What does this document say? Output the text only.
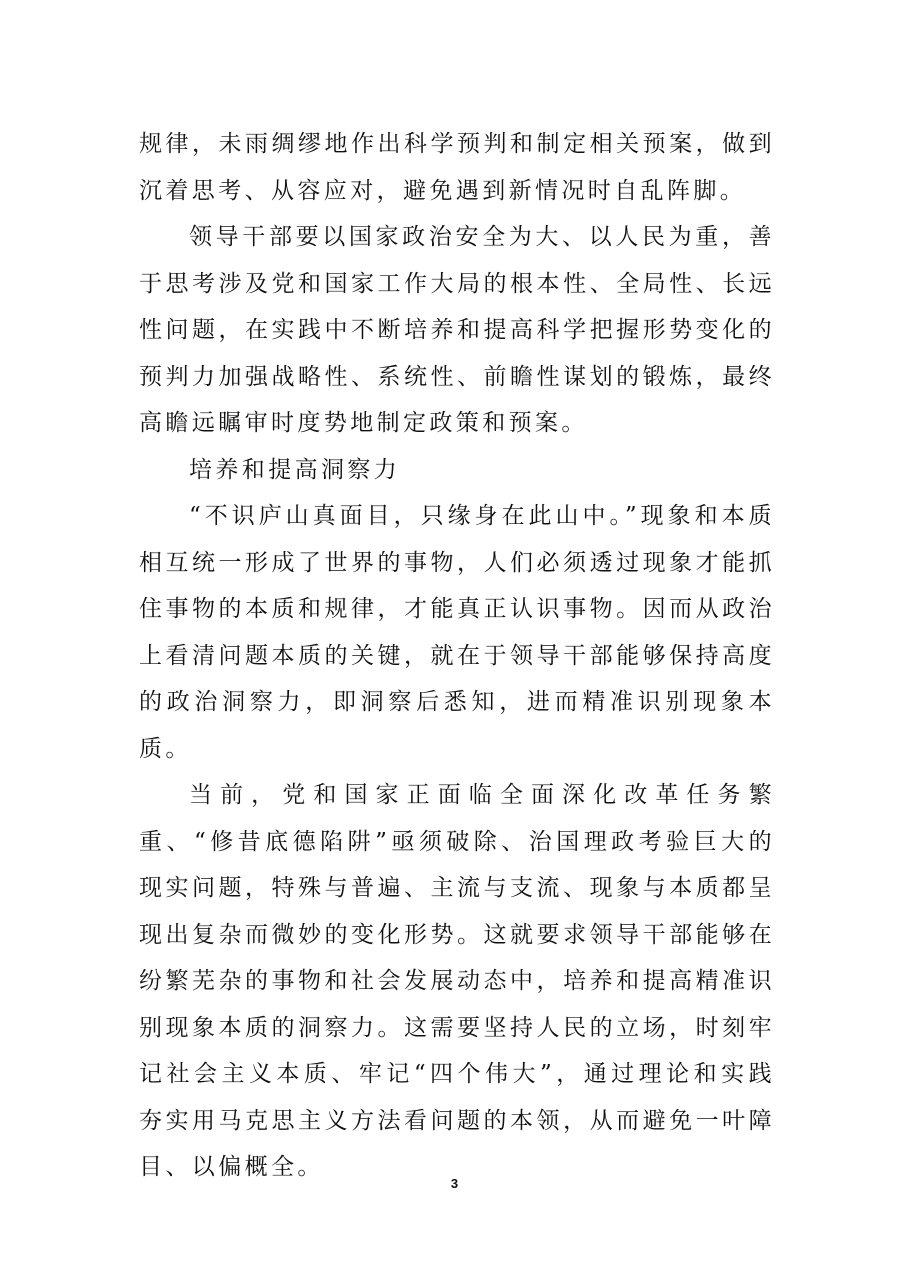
规律，未雨绸缪地作出科学预判和制定相关预案，做到沉着思考、从容应对，避免遇到新情况时自乱阵脚。

领导干部要以国家政治安全为大、以人民为重，善于思考涉及党和国家工作大局的根本性、全局性、长远性问题，在实践中不断培养和提高科学把握形势变化的预判力加强战略性、系统性、前瞻性谋划的锻炼，最终高瞻远瞩审时度势地制定政策和预案。

培养和提高洞察力

“不识庐山真面目，只缘身在此山中。”现象和本质相互统一形成了世界的事物，人们必须透过现象才能抓住事物的本质和规律，才能真正认识事物。因而从政治上看清问题本质的关键，就在于领导干部能够保持高度的政治洞察力，即洞察后悉知，进而精准识别现象本质。

当前，党和国家正面临全面深化改革任务繁重、“修昔底德陷阱”亟须破除、治国理政考验巨大的现实问题，特殊与普遍、主流与支流、现象与本质都呈现出复杂而微妙的变化形势。这就要求领导干部能够在纷繁芜杂的事物和社会发展动态中，培养和提高精准识别现象本质的洞察力。这需要坚持人民的立场，时刻牢记社会主义本质、牢记“四个伟大”，通过理论和实践夯实用马克思主义方法看问题的本领，从而避免一叶障目、以偏概全。

3
